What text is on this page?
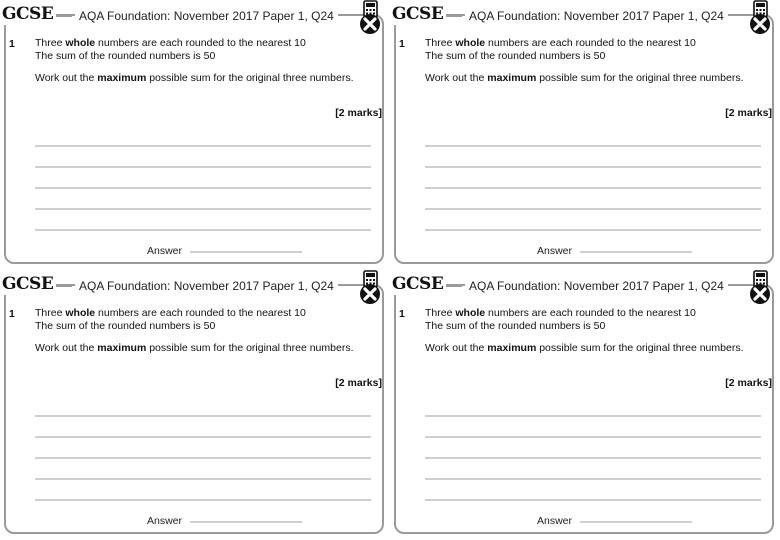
GCSE	AQA Foundation: November 2017 Paper 1, Q24
1 Three whole numbers are each rounded to the nearest 10
The sum of the rounded numbers is 50
Work out the maximum possible sum for the original three numbers.
[2 marks]
Answer
GCSE	AQA Foundation: November 2017 Paper 1, Q24
1 Three whole numbers are each rounded to the nearest 10
The sum of the rounded numbers is 50
Work out the maximum possible sum for the original three numbers.
[2 marks]
Answer
GCSE	AQA Foundation: November 2017 Paper 1, Q24
1 Three whole numbers are each rounded to the nearest 10
The sum of the rounded numbers is 50
Work out the maximum possible sum for the original three numbers.
[2 marks]
Answer
GCSE	AQA Foundation: November 2017 Paper 1, Q24
1 Three whole numbers are each rounded to the nearest 10
The sum of the rounded numbers is 50
Work out the maximum possible sum for the original three numbers.
[2 marks]
Answer
